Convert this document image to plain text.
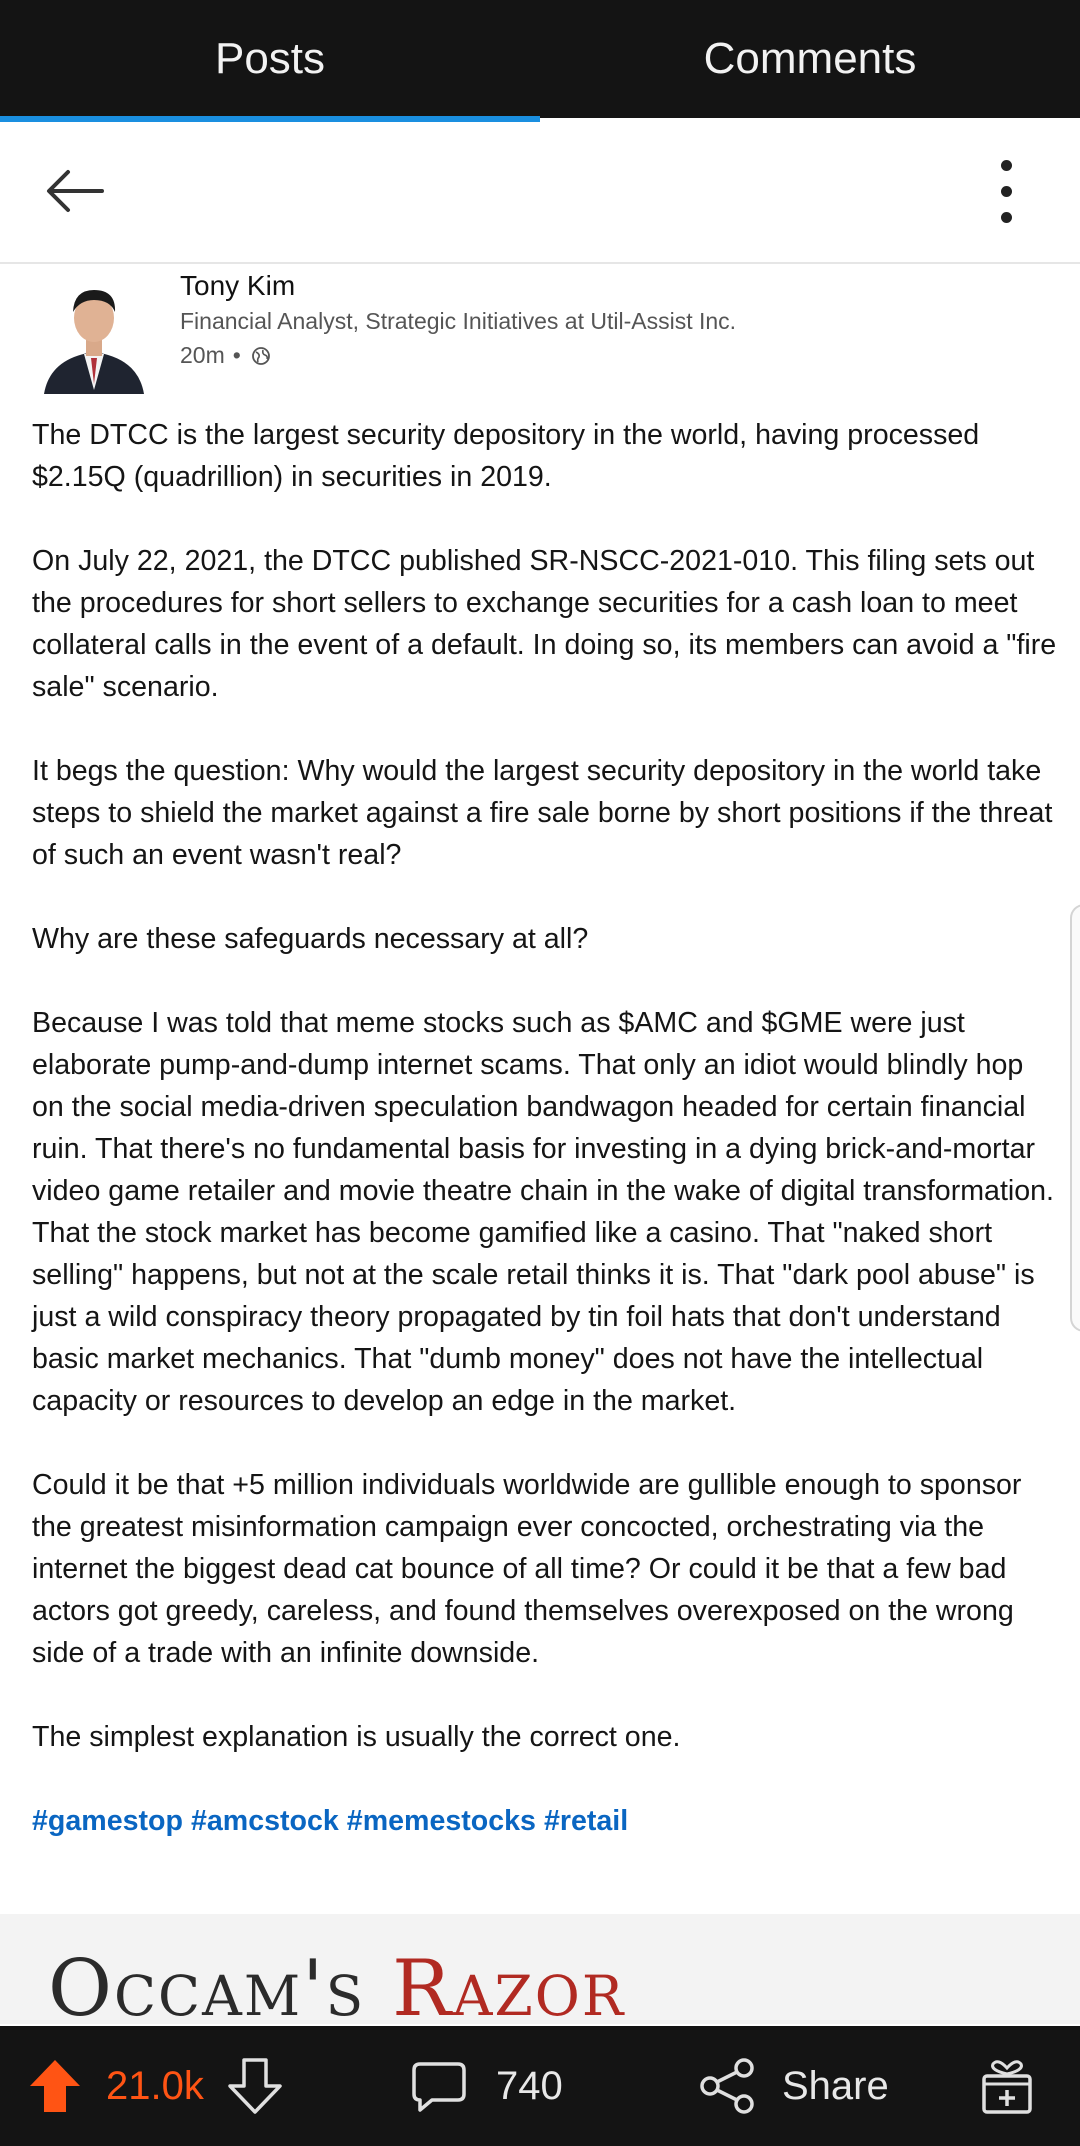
Posts	Comments
Tony Kim
Financial Analyst, Strategic Initiatives at Util-Assist Inc.
20m •

The DTCC is the largest security depository in the world, having processed $2.15Q (quadrillion) in securities in 2019.

On July 22, 2021, the DTCC published SR-NSCC-2021-010. This filing sets out the procedures for short sellers to exchange securities for a cash loan to meet collateral calls in the event of a default. In doing so, its members can avoid a "fire sale" scenario.

It begs the question: Why would the largest security depository in the world take steps to shield the market against a fire sale borne by short positions if the threat of such an event wasn't real?

Why are these safeguards necessary at all?

Because I was told that meme stocks such as $AMC and $GME were just elaborate pump-and-dump internet scams. That only an idiot would blindly hop on the social media-driven speculation bandwagon headed for certain financial ruin. That there's no fundamental basis for investing in a dying brick-and-mortar video game retailer and movie theatre chain in the wake of digital transformation. That the stock market has become gamified like a casino. That "naked short selling" happens, but not at the scale retail thinks it is. That "dark pool abuse" is just a wild conspiracy theory propagated by tin foil hats that don't understand basic market mechanics. That "dumb money" does not have the intellectual capacity or resources to develop an edge in the market.

Could it be that +5 million individuals worldwide are gullible enough to sponsor the greatest misinformation campaign ever concocted, orchestrating via the internet the biggest dead cat bounce of all time? Or could it be that a few bad actors got greedy, careless, and found themselves overexposed on the wrong side of a trade with an infinite downside.

The simplest explanation is usually the correct one.

#gamestop #amcstock #memestocks #retail

Occam's Razor
21.0k	740	Share
